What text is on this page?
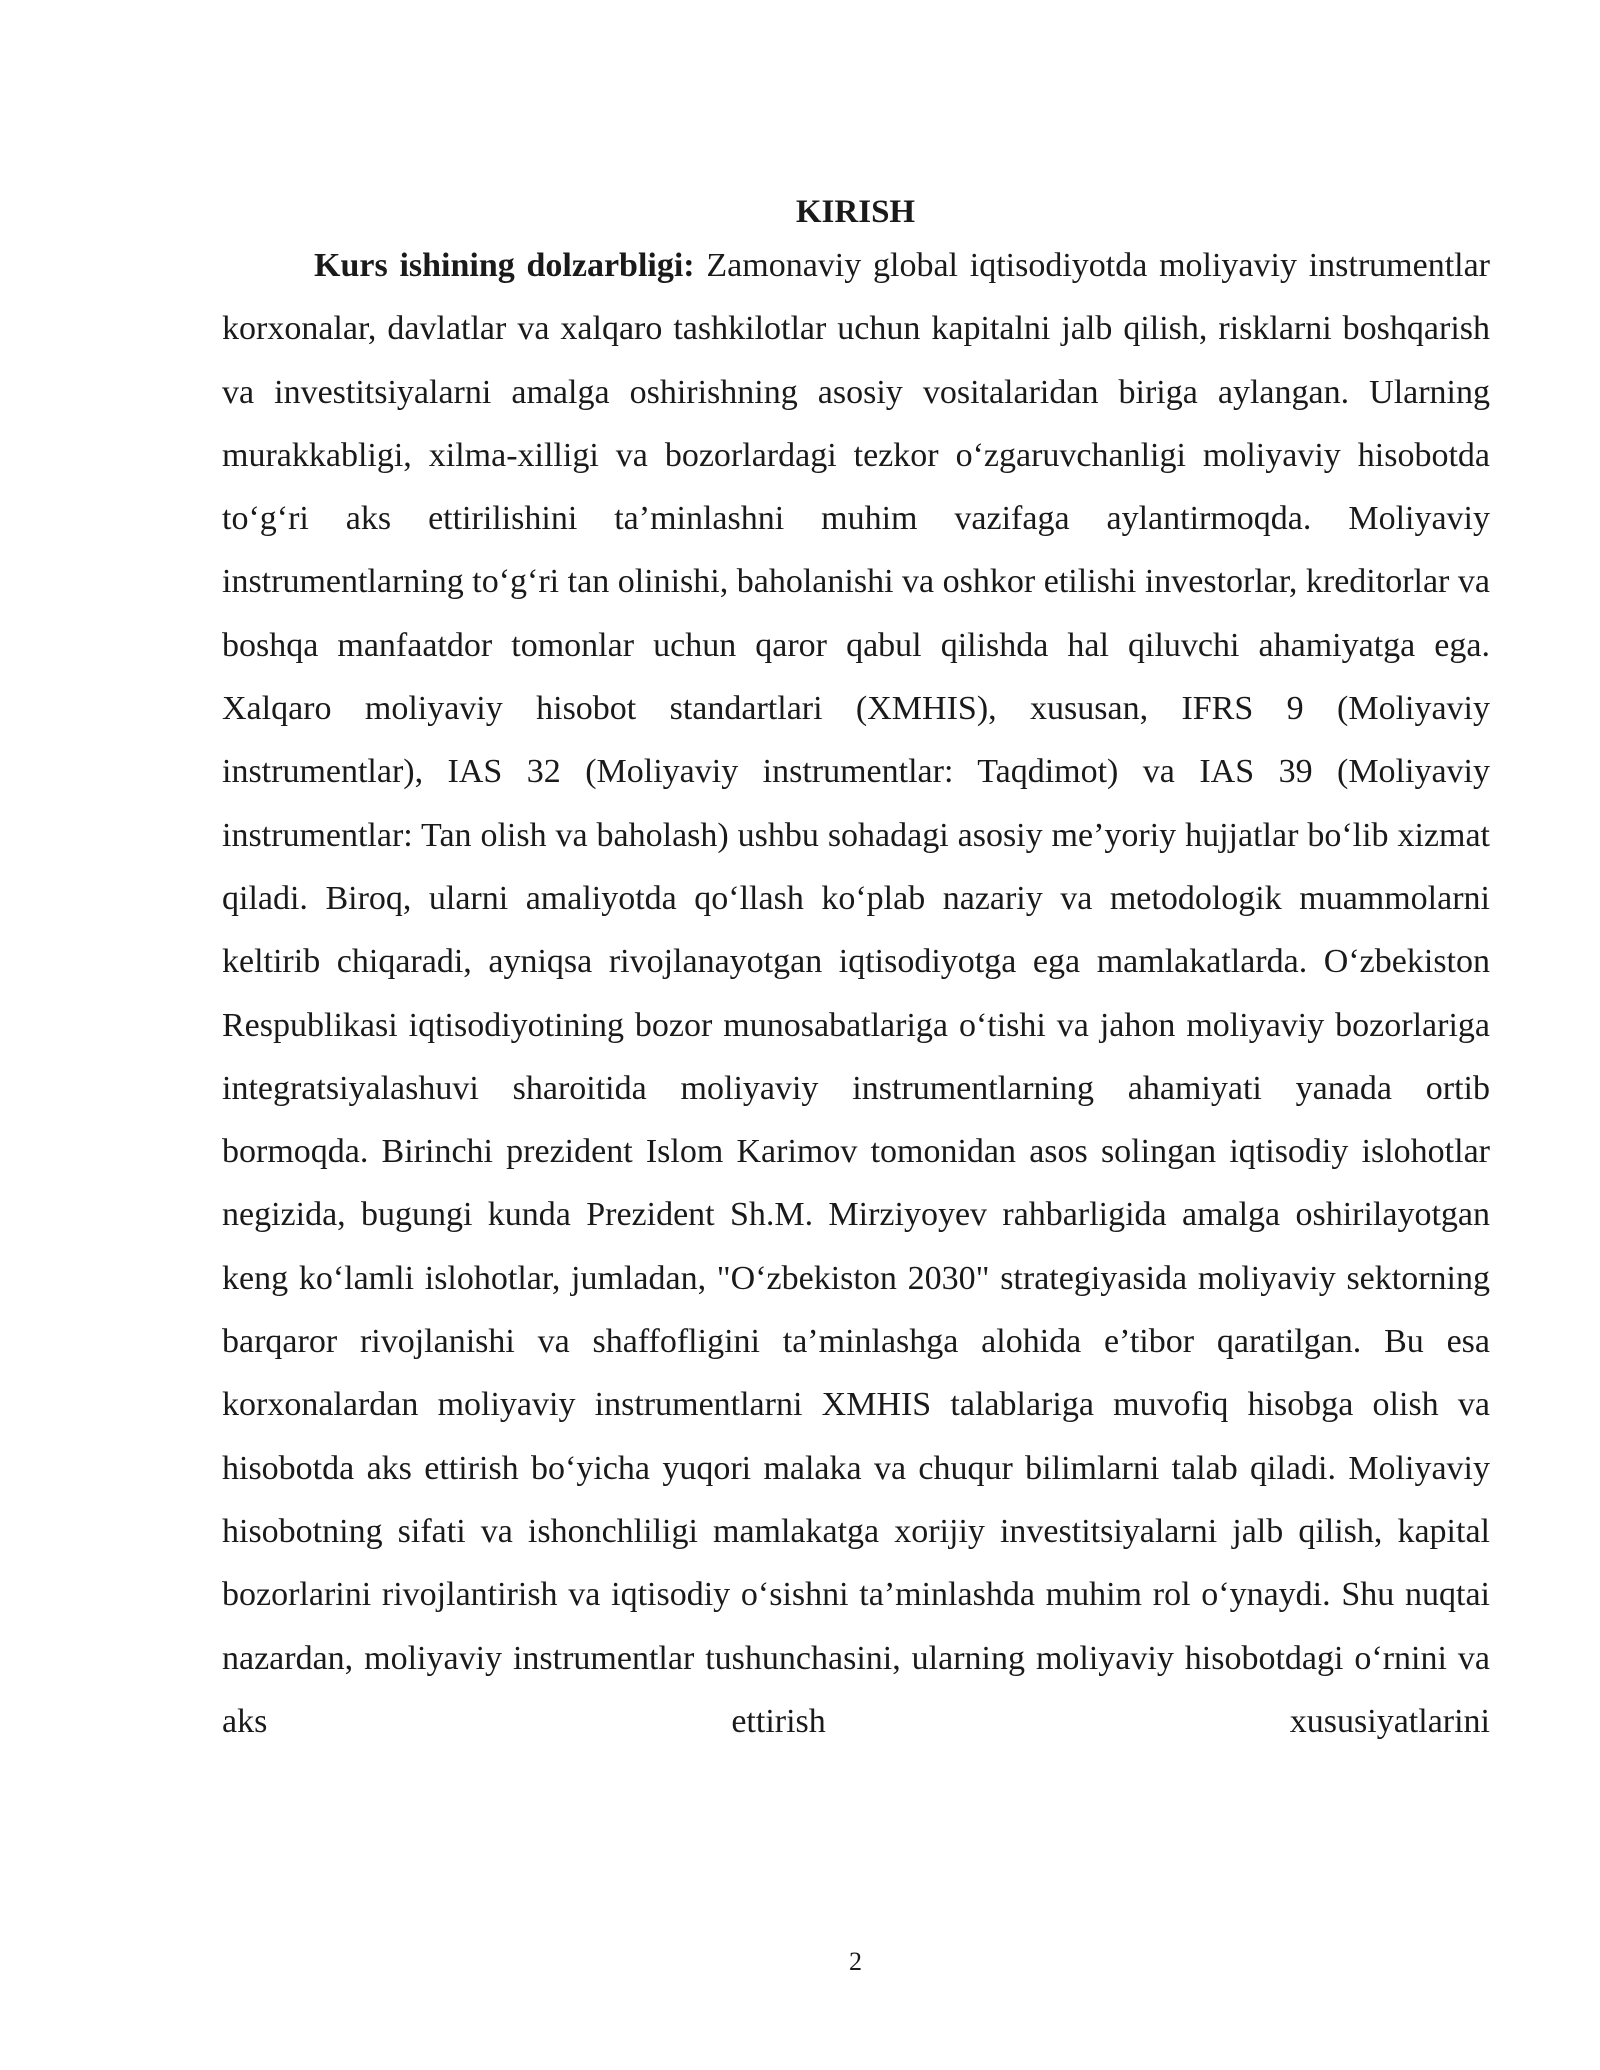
KIRISH

Kurs ishining dolzarbligi: Zamonaviy global iqtisodiyotda moliyaviy instrumentlar korxonalar, davlatlar va xalqaro tashkilotlar uchun kapitalni jalb qilish, risklarni boshqarish va investitsiyalarni amalga oshirishning asosiy vositalaridan biriga aylangan. Ularning murakkabligi, xilma-xilligi va bozorlardagi tezkor o‘zgaruvchanligi moliyaviy hisobotda to‘g‘ri aks ettirilishini ta’minlashni muhim vazifaga aylantirmoqda. Moliyaviy instrumentlarning to‘g‘ri tan olinishi, baholanishi va oshkor etilishi investorlar, kreditorlar va boshqa manfaatdor tomonlar uchun qaror qabul qilishda hal qiluvchi ahamiyatga ega. Xalqaro moliyaviy hisobot standartlari (XMHIS), xususan, IFRS 9 (Moliyaviy instrumentlar), IAS 32 (Moliyaviy instrumentlar: Taqdimot) va IAS 39 (Moliyaviy instrumentlar: Tan olish va baholash) ushbu sohadagi asosiy me’yoriy hujjatlar bo‘lib xizmat qiladi. Biroq, ularni amaliyotda qo‘llash ko‘plab nazariy va metodologik muammolarni keltirib chiqaradi, ayniqsa rivojlanayotgan iqtisodiyotga ega mamlakatlarda. O‘zbekiston Respublikasi iqtisodiyotining bozor munosabatlariga o‘tishi va jahon moliyaviy bozorlariga integratsiyalashuvi sharoitida moliyaviy instrumentlarning ahamiyati yanada ortib bormoqda. Birinchi prezident Islom Karimov tomonidan asos solingan iqtisodiy islohotlar negizida, bugungi kunda Prezident Sh.M. Mirziyoyev rahbarligida amalga oshirilayotgan keng ko‘lamli islohotlar, jumladan, "O‘zbekiston 2030" strategiyasida moliyaviy sektorning barqaror rivojlanishi va shaffofligini ta’minlashga alohida e’tibor qaratilgan. Bu esa korxonalardan moliyaviy instrumentlarni XMHIS talablariga muvofiq hisobga olish va hisobotda aks ettirish bo‘yicha yuqori malaka va chuqur bilimlarni talab qiladi. Moliyaviy hisobotning sifati va ishonchliligi mamlakatga xorijiy investitsiyalarni jalb qilish, kapital bozorlarini rivojlantirish va iqtisodiy o‘sishni ta’minlashda muhim rol o‘ynaydi. Shu nuqtai nazardan, moliyaviy instrumentlar tushunchasini, ularning moliyaviy hisobotdagi o‘rnini va aks ettirish xususiyatlarini

2
